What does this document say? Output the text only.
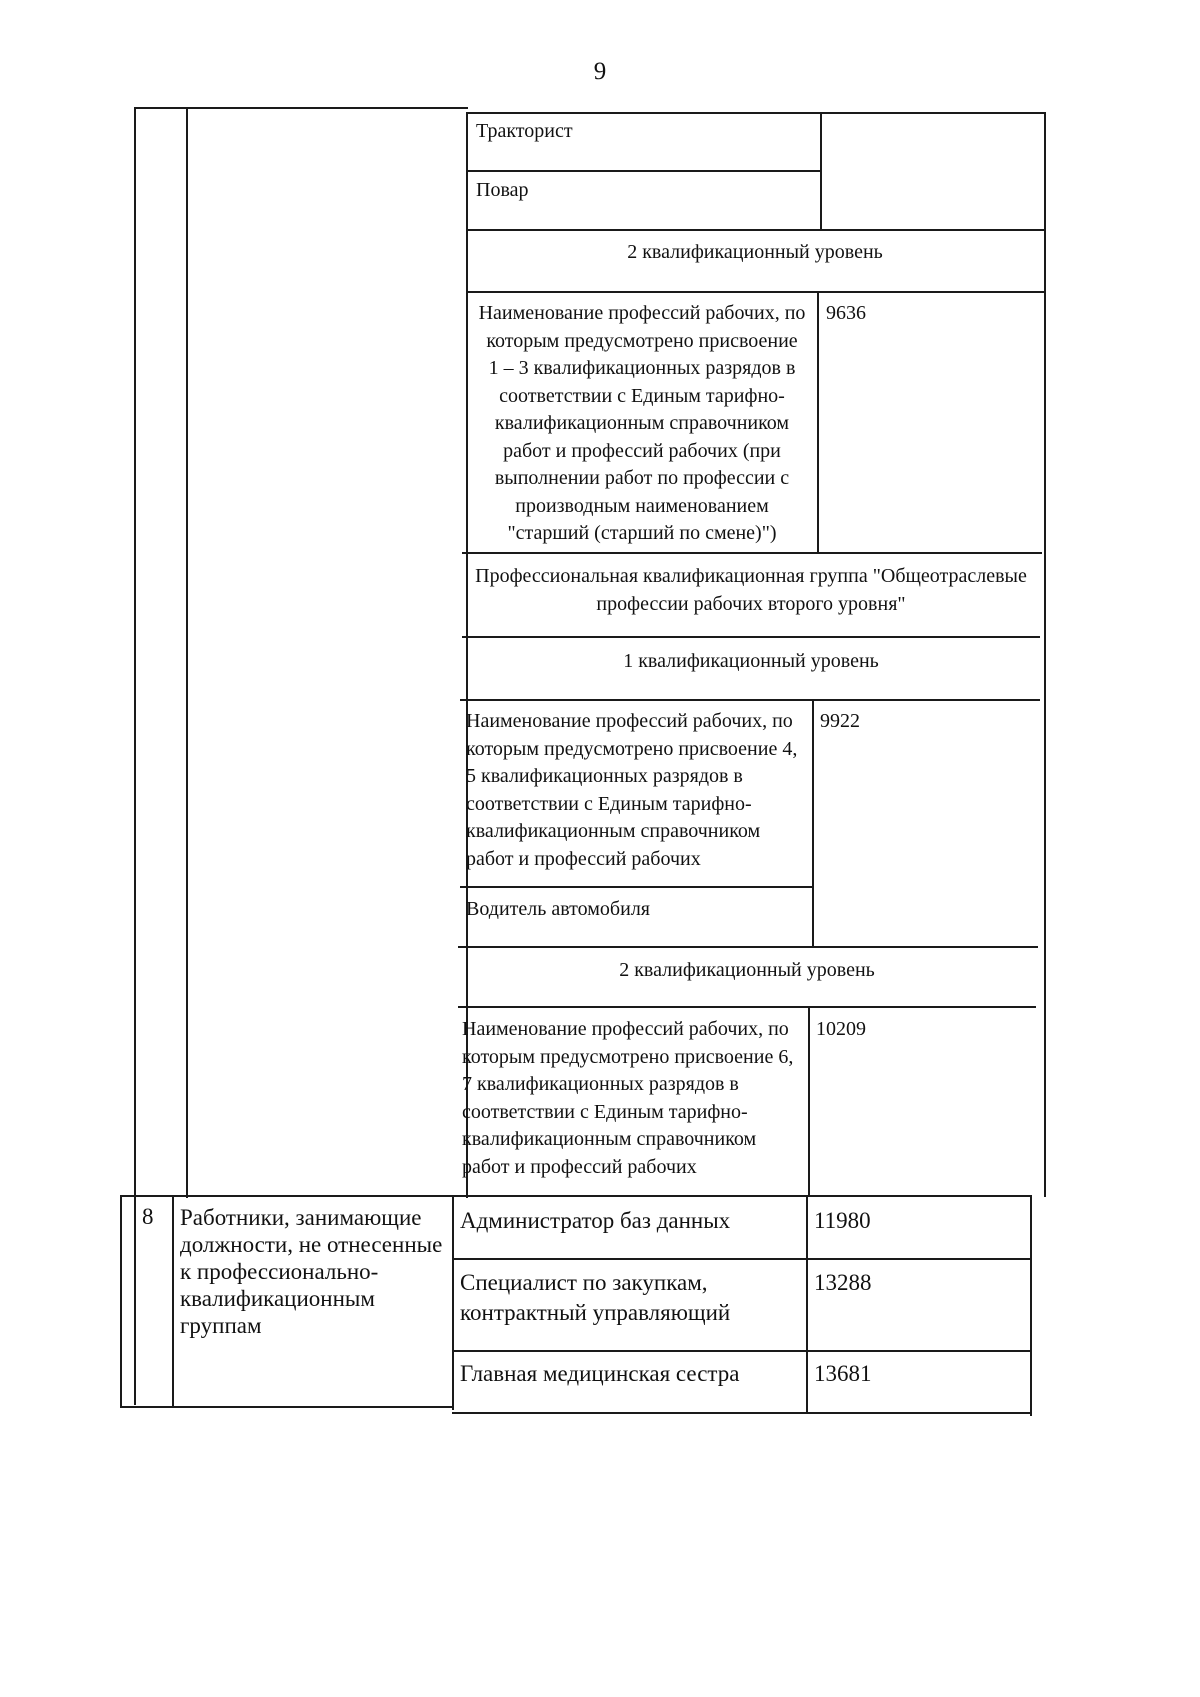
9
Тракторист
Повар
2 квалификационный уровень
Наименование профессий рабочих, по
которым предусмотрено присвоение
1 – 3 квалификационных разрядов в
соответствии с Единым тарифно-
квалификационным справочником
работ и профессий рабочих (при
выполнении работ по профессии с
производным наименованием
"старший (старший по смене)")
9636
Профессиональная квалификационная группа "Общеотраслевые
профессии рабочих второго уровня"
1 квалификационный уровень
Наименование профессий рабочих, по
которым предусмотрено присвоение 4,
5 квалификационных разрядов в
соответствии с Единым тарифно-
квалификационным справочником
работ и профессий рабочих
9922
Водитель автомобиля
2 квалификационный уровень
Наименование профессий рабочих, по
которым предусмотрено присвоение 6,
7 квалификационных разрядов в
соответствии с Единым тарифно-
квалификационным справочником
работ и профессий рабочих
10209
8 Работники, занимающие
должности, не отнесенные
к профессионально-
квалификационным
группам
Администратор баз данных	11980
Специалист по закупкам,
контрактный управляющий
13288
Главная медицинская сестра	13681
